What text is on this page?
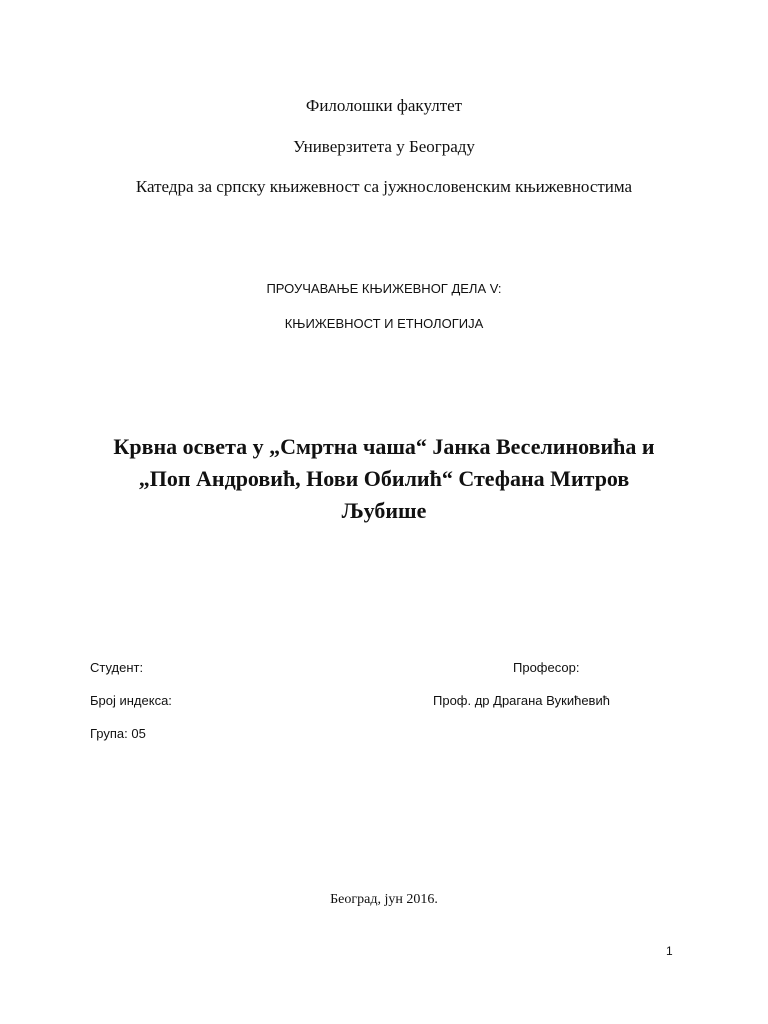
Филолошки факултет
Универзитета у Београду
Катедра за српску књижевност са јужнословенским књижевностима
ПРОУЧАВАЊЕ КЊИЖЕВНОГ ДЕЛА V:
КЊИЖЕВНОСТ И ЕТНОЛОГИЈА
Крвна освета у „Смртна чаша“ Јанка Веселиновића и
„Поп Андровић, Нови Обилић“ Стефана Митров
Љубише
Студент:	Професор:
Број индекса:	Проф. др Драгана Вукићевић
Група: 05
Београд, јун 2016.
1
